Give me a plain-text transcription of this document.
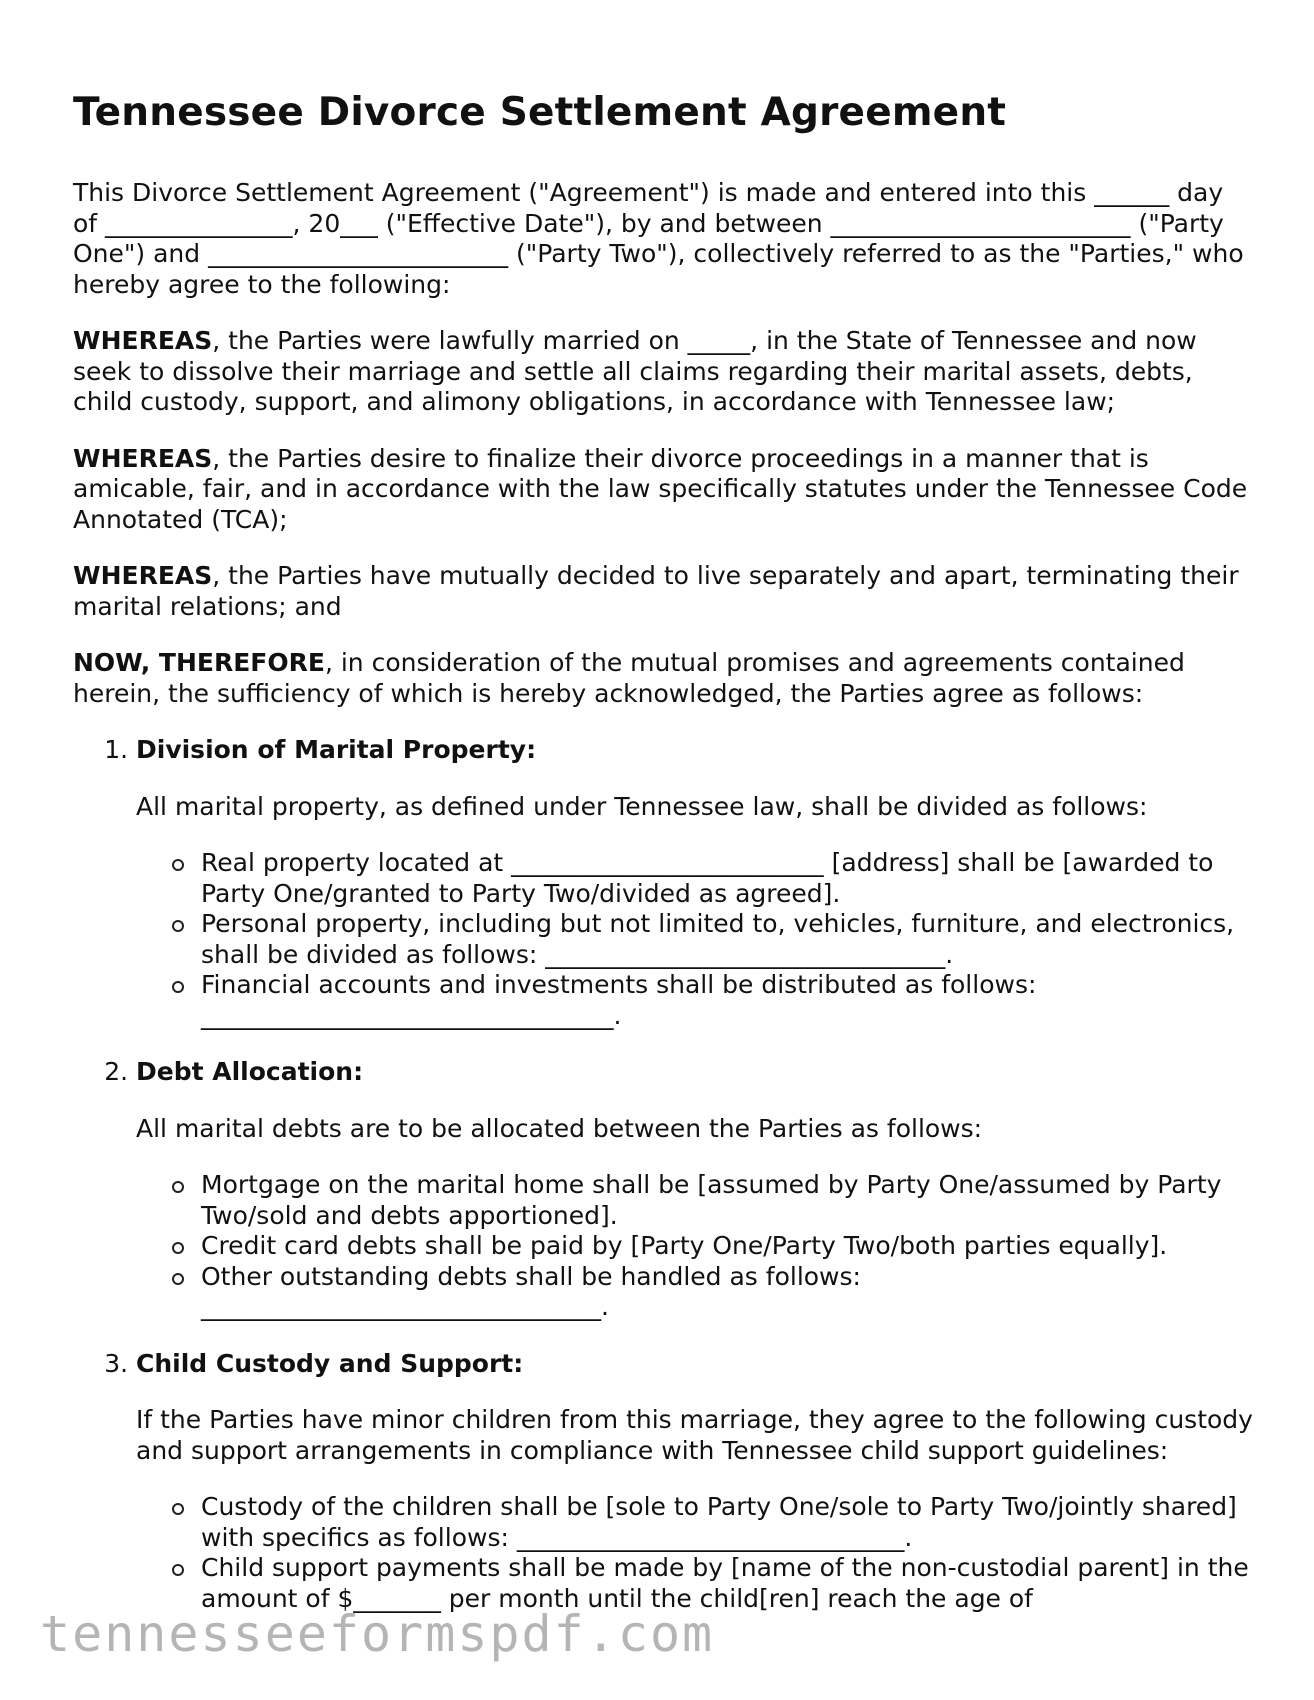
Tennessee Divorce Settlement Agreement

This Divorce Settlement Agreement ("Agreement") is made and entered into this ______ day of _______________, 20___ ("Effective Date"), by and between ________________________ ("Party One") and ________________________ ("Party Two"), collectively referred to as the "Parties," who hereby agree to the following:

WHEREAS, the Parties were lawfully married on _____, in the State of Tennessee and now seek to dissolve their marriage and settle all claims regarding their marital assets, debts, child custody, support, and alimony obligations, in accordance with Tennessee law;

WHEREAS, the Parties desire to finalize their divorce proceedings in a manner that is amicable, fair, and in accordance with the law specifically statutes under the Tennessee Code Annotated (TCA);

WHEREAS, the Parties have mutually decided to live separately and apart, terminating their marital relations; and

NOW, THEREFORE, in consideration of the mutual promises and agreements contained herein, the sufficiency of which is hereby acknowledged, the Parties agree as follows:

1. Division of Marital Property:
All marital property, as defined under Tennessee law, shall be divided as follows:
Real property located at _________________________ [address] shall be [awarded to Party One/granted to Party Two/divided as agreed].
Personal property, including but not limited to, vehicles, furniture, and electronics, shall be divided as follows: ________________________________.
Financial accounts and investments shall be distributed as follows: _________________________________.
2. Debt Allocation:
All marital debts are to be allocated between the Parties as follows:
Mortgage on the marital home shall be [assumed by Party One/assumed by Party Two/sold and debts apportioned].
Credit card debts shall be paid by [Party One/Party Two/both parties equally].
Other outstanding debts shall be handled as follows: ________________________________.
3. Child Custody and Support:
If the Parties have minor children from this marriage, they agree to the following custody and support arrangements in compliance with Tennessee child support guidelines:
Custody of the children shall be [sole to Party One/sole to Party Two/jointly shared] with specifics as follows: _______________________________.
Child support payments shall be made by [name of the non-custodial parent] in the amount of $_______ per month until the child[ren] reach the age of
tennesseeformspdf.com
